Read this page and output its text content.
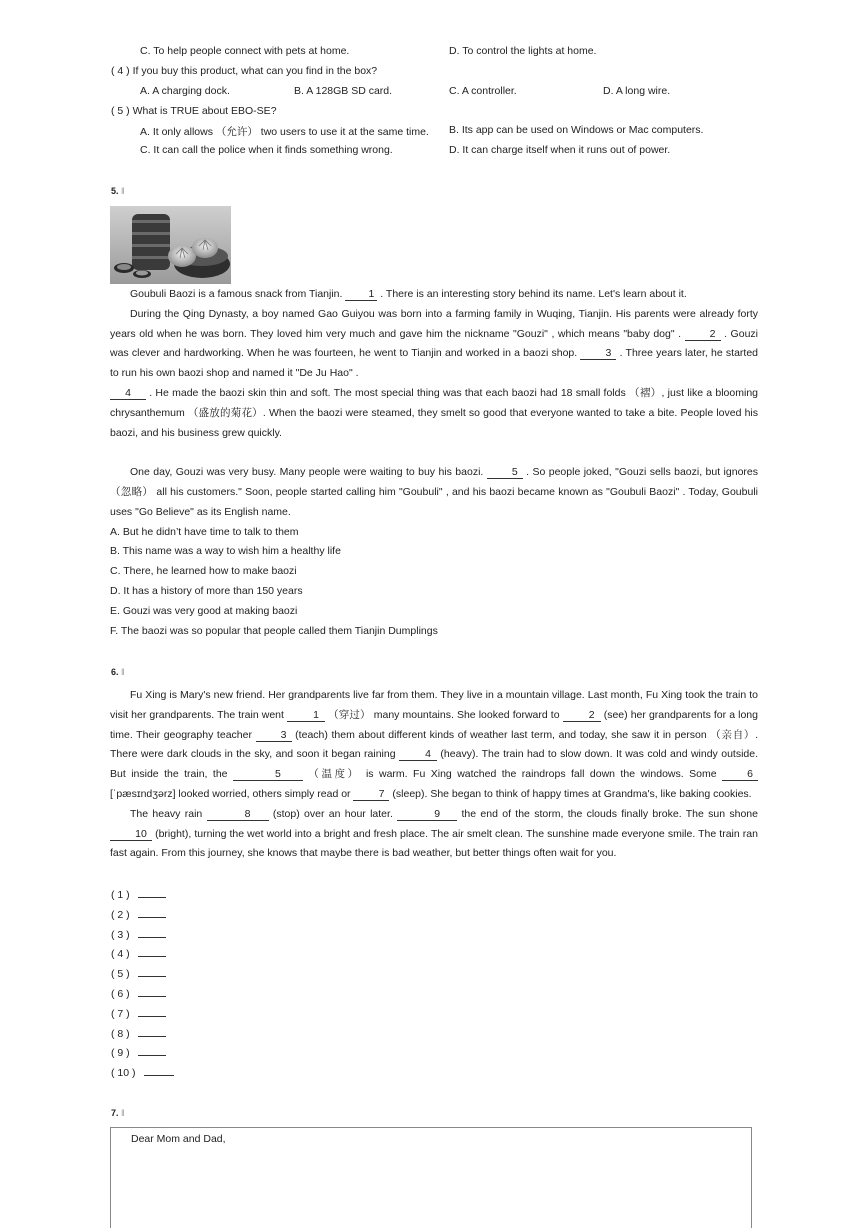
C. To help people connect with pets at home.	D. To control the lights at home.
( 4 ) If you buy this product, what can you find in the box?
A. A charging dock.	B. A 128GB SD card.	C. A controller.	D. A long wire.
( 5 ) What is TRUE about EBO-SE?
A. It only allows （允许） two users to use it at the same time. B. Its app can be used on Windows or Mac computers.
C. It can call the police when it finds something wrong.	D. It can charge itself when it runs out of power.
5. ǁ

Goubuli Baozi is a famous snack from Tianjin. 1 . There is an interesting story behind its name. Let's learn about it.

During the Qing Dynasty, a boy named Gao Guiyou was born into a farming family in Wuqing, Tianjin. His parents were already forty years old when he was born. They loved him very much and gave him the nickname "Gouzi" , which means "baby dog" . 2 . Gouzi was clever and hardworking. When he was fourteen, he went to Tianjin and worked in a baozi shop. 3 . Three years later, he started to run his own baozi shop and named it "De Ju Hao" .

4 . He made the baozi skin thin and soft. The most special thing was that each baozi had 18 small folds （褶）, just like a blooming chrysanthemum （盛放的菊花）. When the baozi were steamed, they smelt so good that everyone wanted to take a bite. People loved his baozi, and his business grew quickly.

One day, Gouzi was very busy. Many people were waiting to buy his baozi. 5 . So people joked, "Gouzi sells baozi, but ignores （忽略） all his customers." Soon, people started calling him "Goubuli" , and his baozi became known as "Goubuli Baozi" . Today, Goubuli uses "Go Believe" as its English name.

A. But he didn’t have time to talk to them

B. This name was a way to wish him a healthy life

C. There, he learned how to make baozi

D. It has a history of more than 150 years

E. Gouzi was very good at making baozi

F. The baozi was so popular that people called them Tianjin Dumplings

6. ǁ

Fu Xing is Mary's new friend. Her grandparents live far from them. They live in a mountain village. Last month, Fu Xing took the train to visit her grandparents. The train went 1 （穿过） many mountains. She looked forward to 2 (see) her grandparents for a long time. Their geography teacher 3 (teach) them about different kinds of weather last term, and today, she saw it in person （亲自）. There were dark clouds in the sky, and soon it began raining 4 (heavy). The train had to slow down. It was cold and windy outside. But inside the train, the	5 （温度） is warm. Fu Xing watched the raindrops fall down the windows. Some 6 [ˈpæsɪndʒərz] looked worried, others simply read or 7 (sleep). She began to think of happy times at Grandma's, like baking cookies.

The heavy rain	8 (stop) over an hour later.	9 the end of the storm, the clouds finally broke. The sun shone 10 (bright), turning the wet world into a bright and fresh place. The air smelt clean. The sunshine made everyone smile. The train ran fast again. From this journey, she knows that maybe there is bad weather, but better things often wait for you.

( 1 )
( 2 )
( 3 )
( 4 )
( 5 )
( 6 )
( 7 )
( 8 )
( 9 )
( 10 )
7. ǁ
Dear Mom and Dad,
